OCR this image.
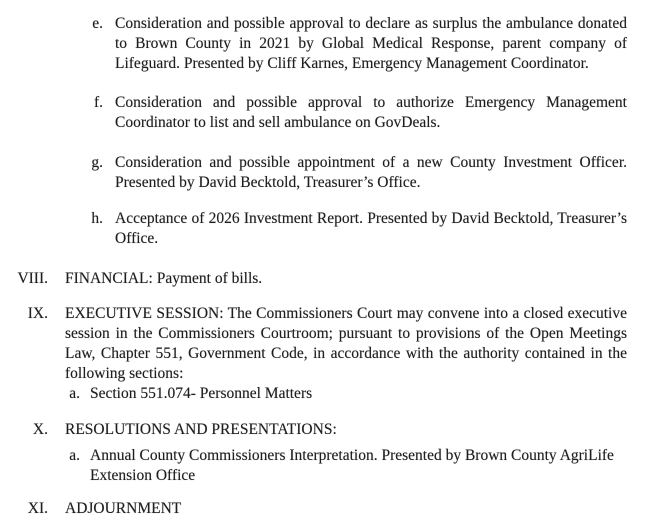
e. Consideration and possible approval to declare as surplus the ambulance donated to Brown County in 2021 by Global Medical Response, parent company of Lifeguard. Presented by Cliff Karnes, Emergency Management Coordinator.
f. Consideration and possible approval to authorize Emergency Management Coordinator to list and sell ambulance on GovDeals.
g. Consideration and possible appointment of a new County Investment Officer. Presented by David Becktold, Treasurer’s Office.
h. Acceptance of 2026 Investment Report. Presented by David Becktold, Treasurer’s Office.
VIII. FINANCIAL: Payment of bills.
IX. EXECUTIVE SESSION: The Commissioners Court may convene into a closed executive session in the Commissioners Courtroom; pursuant to provisions of the Open Meetings Law, Chapter 551, Government Code, in accordance with the authority contained in the following sections:
a. Section 551.074- Personnel Matters
X. RESOLUTIONS AND PRESENTATIONS:
a. Annual County Commissioners Interpretation. Presented by Brown County AgriLife Extension Office
XI. ADJOURNMENT
